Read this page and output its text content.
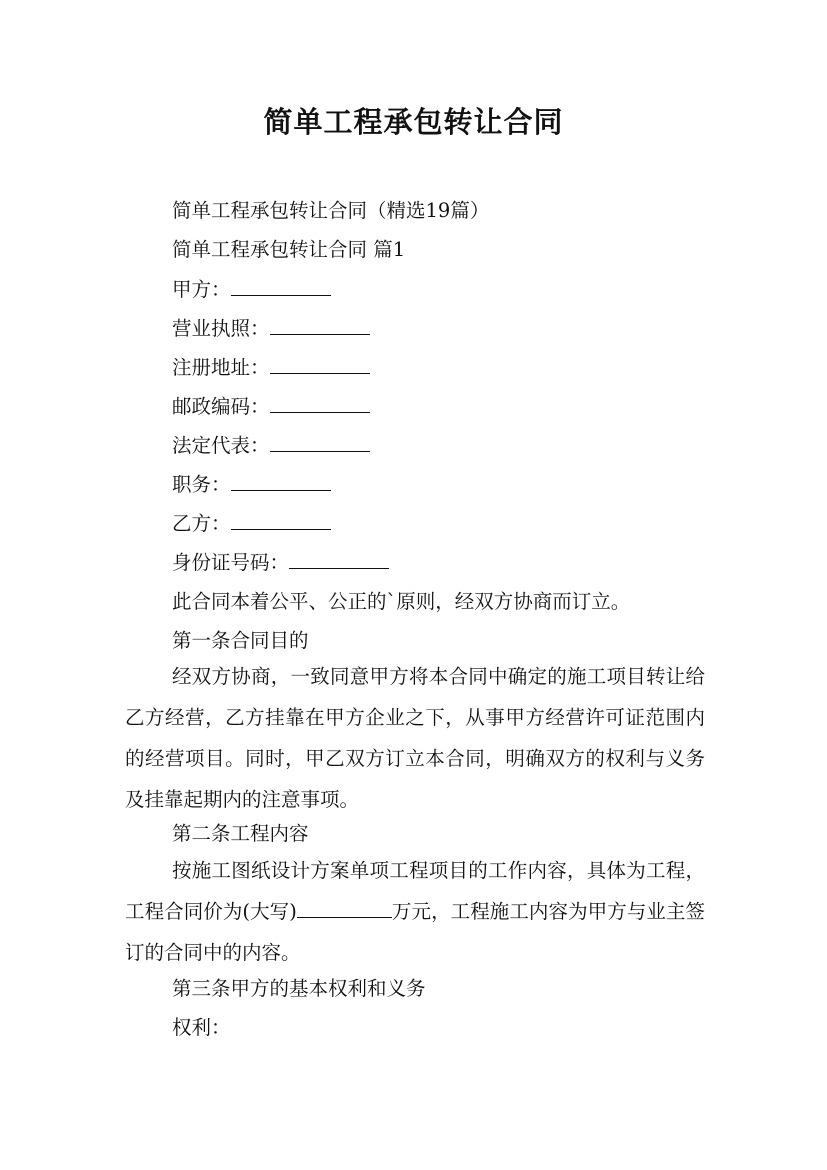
简单工程承包转让合同
简单工程承包转让合同（精选19篇）
简单工程承包转让合同 篇1
甲方：
营业执照：
注册地址：
邮政编码：
法定代表：
职务：
乙方：
身份证号码：
此合同本着公平、公正的`原则，经双方协商而订立。
第一条合同目的
经双方协商，一致同意甲方将本合同中确定的施工项目转让给乙方经营，乙方挂靠在甲方企业之下，从事甲方经营许可证范围内的经营项目。同时，甲乙双方订立本合同，明确双方的权利与义务及挂靠起期内的注意事项。
第二条工程内容
按施工图纸设计方案单项工程项目的工作内容，具体为工程，工程合同价为(大写)	万元，工程施工内容为甲方与业主签订的合同中的内容。
第三条甲方的基本权利和义务
权利：
